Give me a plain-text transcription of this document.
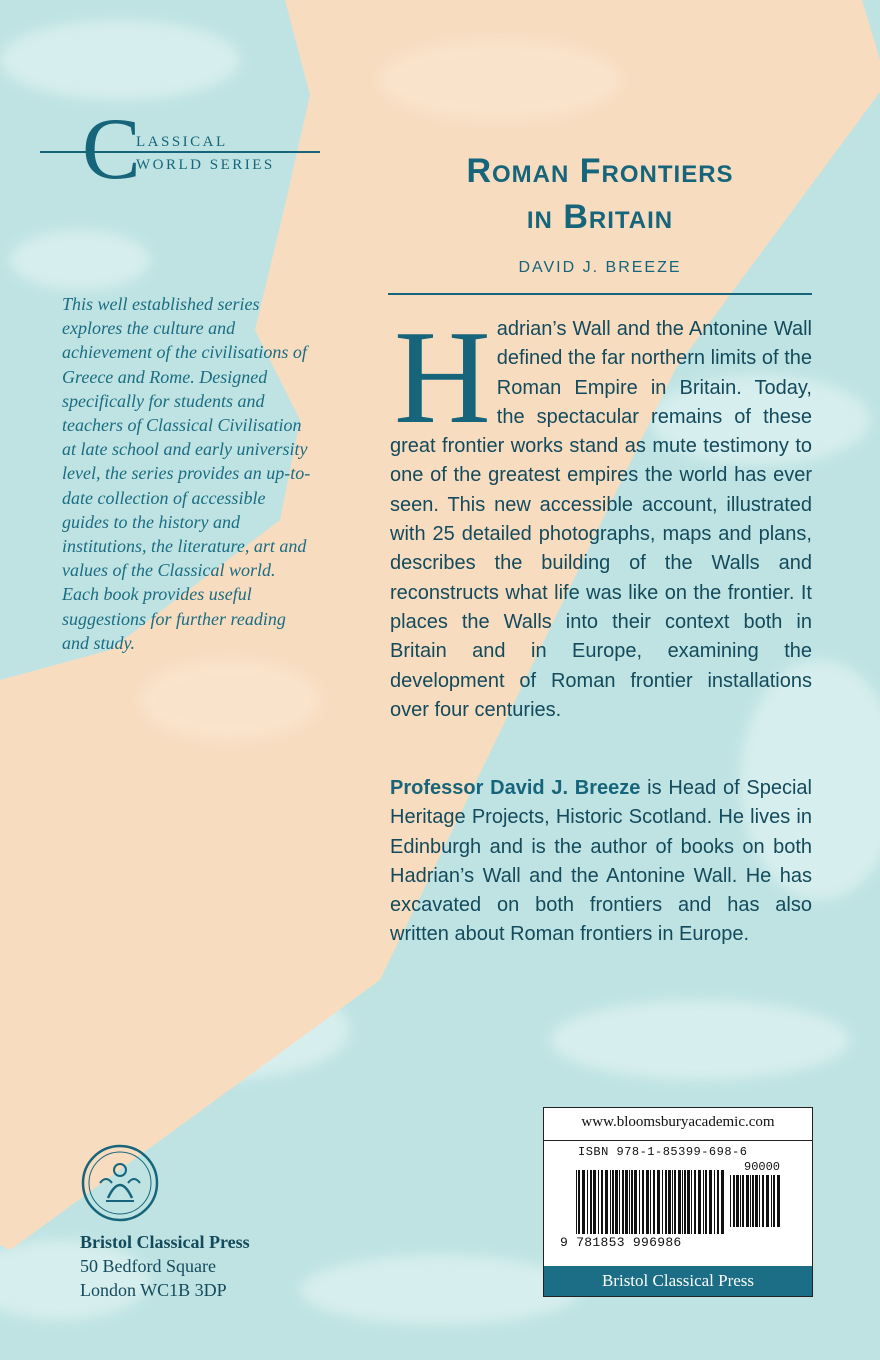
C
LASSICAL
WORLD SERIES	Roman Frontiers
in Britain
DAVID J. BREEZE
This well established series explores the culture and achievement of the civilisations of Greece and Rome. Designed specifically for students and teachers of Classical Civilisation at late school and early university level, the series provides an up-to-date collection of accessible guides to the history and institutions, the literature, art and values of the Classical world. Each book provides useful suggestions for further reading and study.

Hadrian’s Wall and the Antonine Wall defined the far northern limits of the Roman Empire in Britain. Today, the spectacular remains of these great frontier works stand as mute testimony to one of the greatest empires the world has ever seen. This new accessible account, illustrated with 25 detailed photographs, maps and plans, describes the building of the Walls and reconstructs what life was like on the frontier. It places the Walls into their context both in Britain and in Europe, examining the development of Roman frontier installations over four centuries.

Professor David J. Breeze is Head of Special Heritage Projects, Historic Scotland. He lives in Edinburgh and is the author of books on both Hadrian’s Wall and the Antonine Wall. He has excavated on both frontiers and has also written about Roman frontiers in Europe.

Bristol Classical Press
50 Bedford Square
London WC1B 3DP
www.bloomsburyacademic.com
ISBN 978-1-85399-698-6
90000
9 781853 996986
Bristol Classical Press
